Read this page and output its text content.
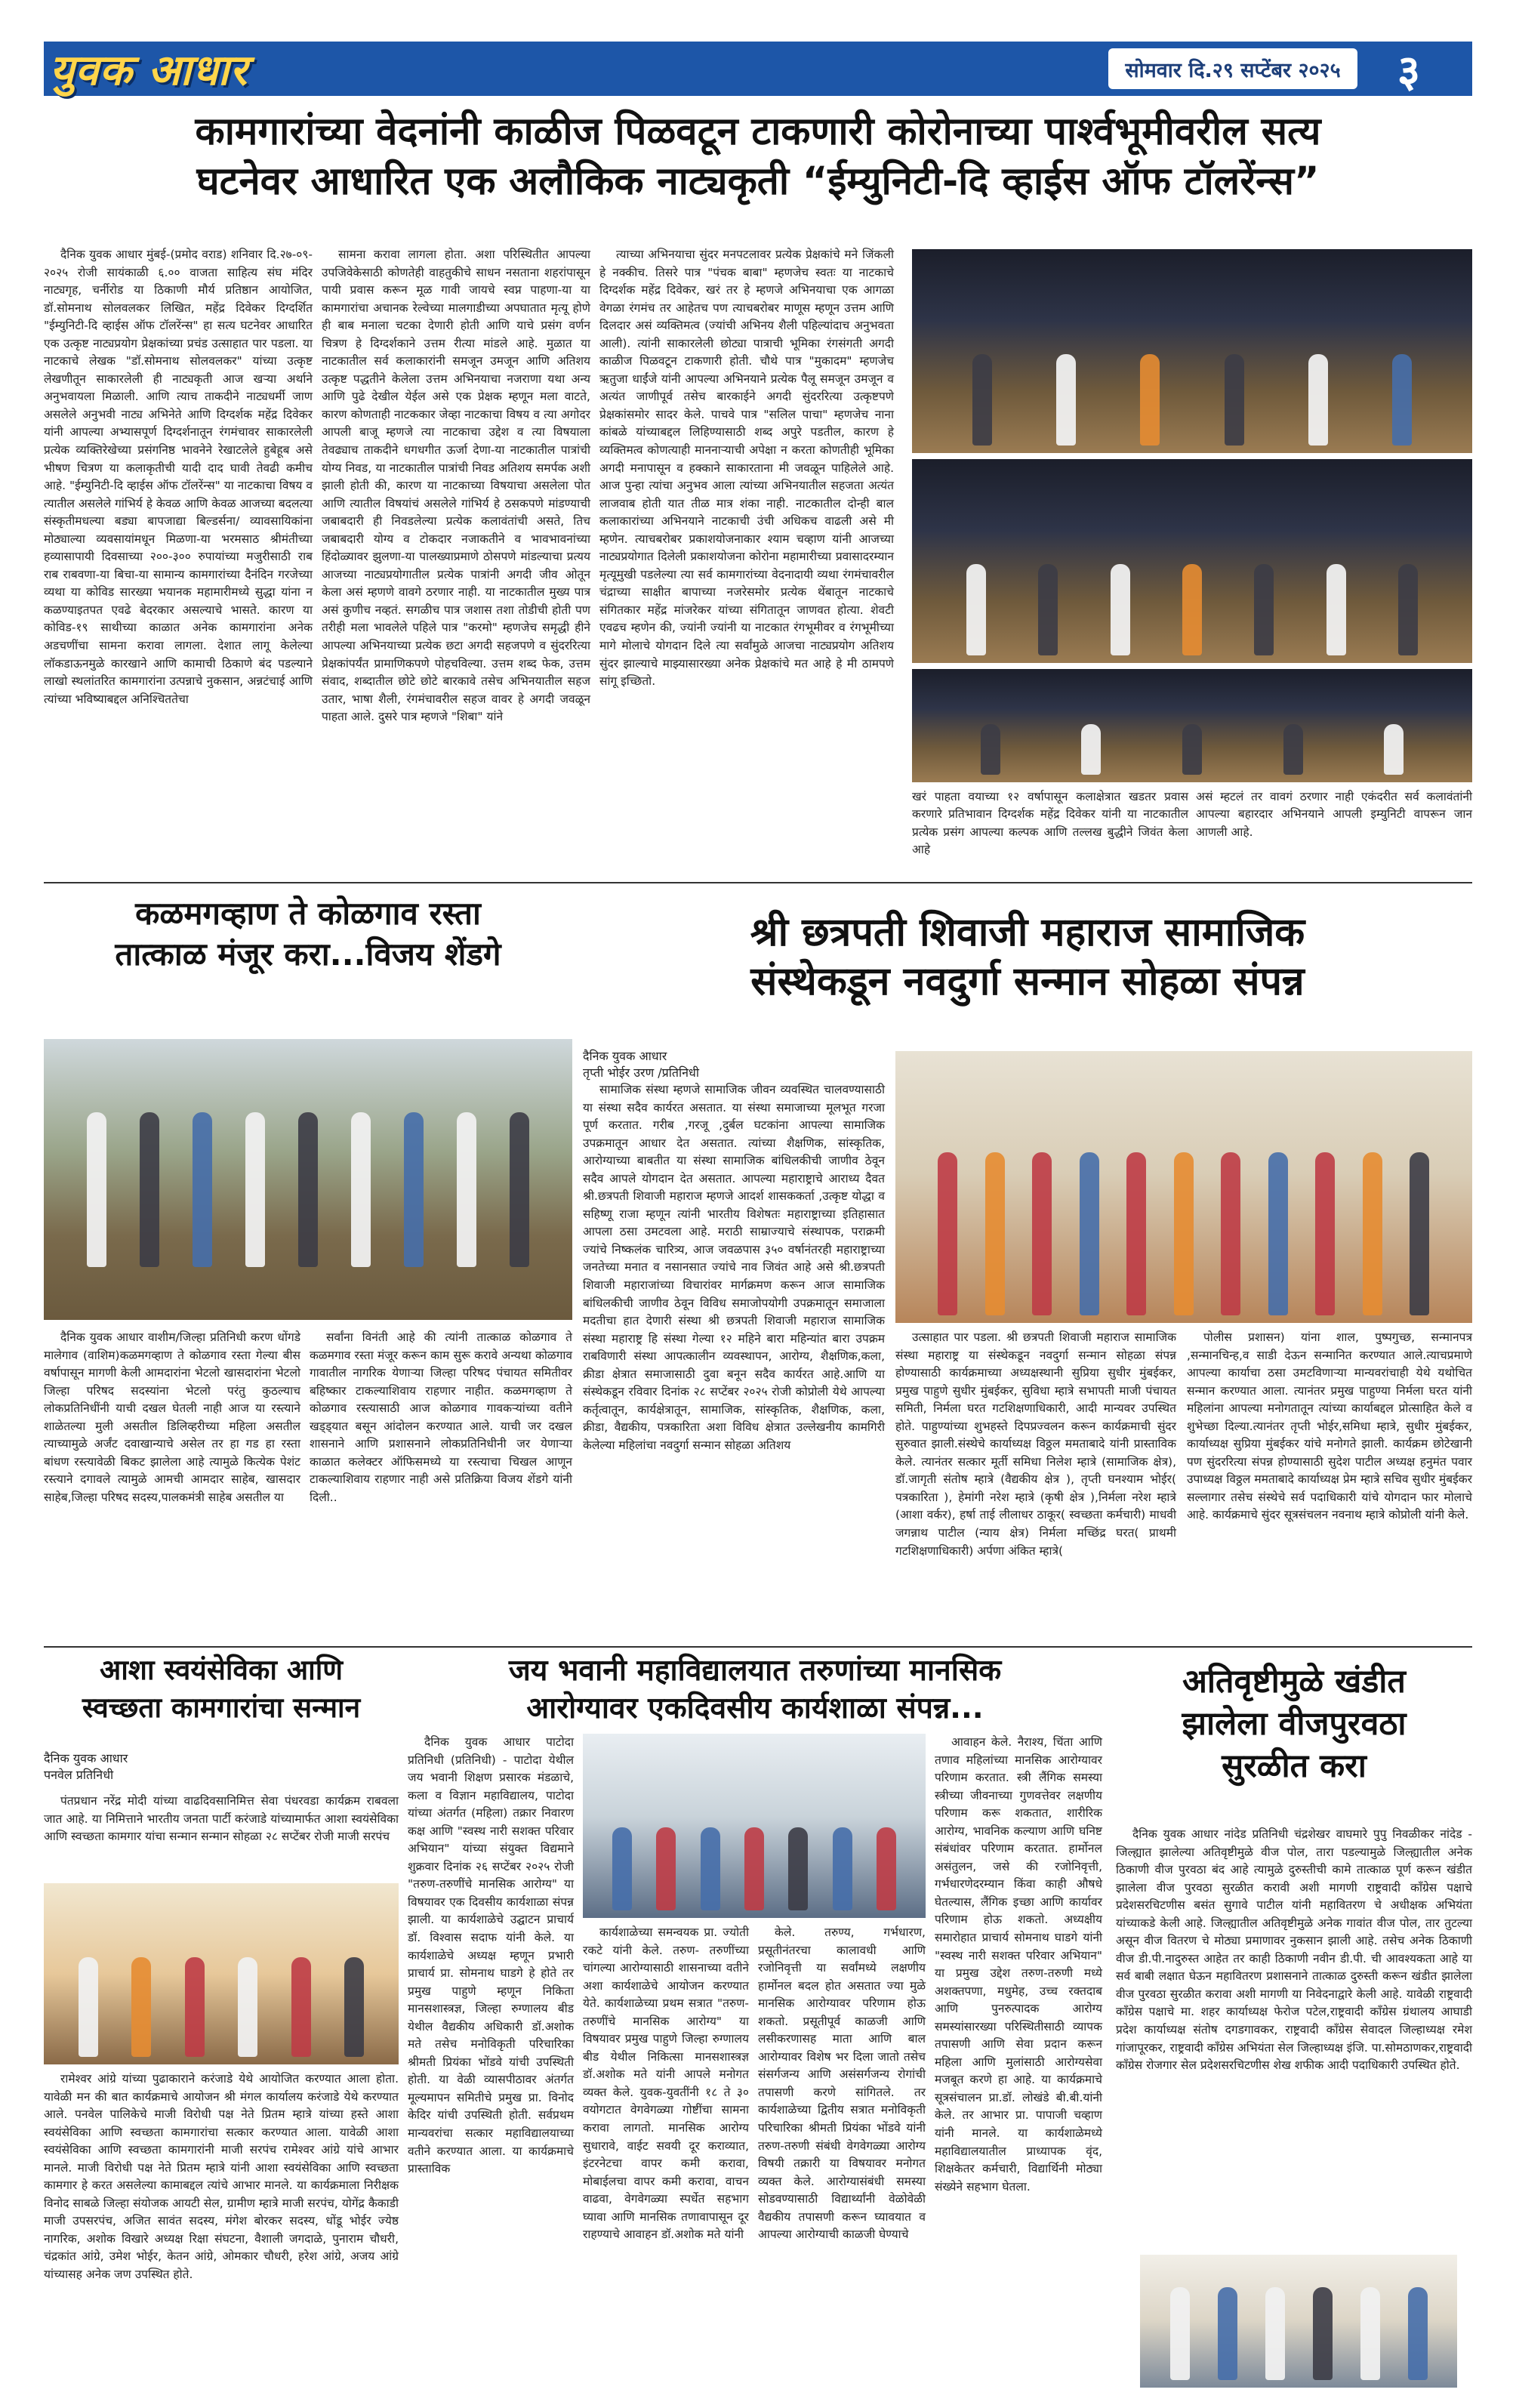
युवक आधार	सोमवार दि.२९ सप्टेंबर २०२५	३
कामगारांच्या वेदनांनी काळीज पिळवटून टाकणारी कोरोनाच्या पार्श्वभूमीवरील सत्य
घटनेवर आधारित एक अलौकिक नाट्यकृती “ईम्युनिटी-दि व्हाईस ऑफ टॉलरेंन्स”

दैनिक युवक आधार मुंबई-(प्रमोद वराड) शनिवार दि.२७-०९- २०२५ रोजी सायंकाळी ६.०० वाजता साहित्य संघ मंदिर नाट्यगृह, चर्नीरोड या ठिकाणी मौर्य प्रतिष्ठान आयोजित, डॉ.सोमनाथ सोलवलकर लिखित, महेंद्र दिवेकर दिग्दर्शित "ईम्युनिटी-दि व्हाईस ऑफ टॉलरेंन्स" हा सत्य घटनेवर आधारित एक उत्कृष्ट नाट्यप्रयोग प्रेक्षकांच्या प्रचंड उत्साहात पार पडला. या नाटकाचे लेखक "डॉ.सोमनाथ सोलवलकर" यांच्या उत्कृष्ट लेखणीतून साकारलेली ही नाट्यकृती आज खऱ्या अर्थाने अनुभवायला मिळाली. आणि त्याच ताकदीने नाट्यधर्मी जाण असलेले अनुभवी नाट्य अभिनेते आणि दिग्दर्शक महेंद्र दिवेकर यांनी आपल्या अभ्यासपूर्ण दिग्दर्शनातून रंगमंचावर साकारलेली प्रत्येक व्यक्तिरेखेच्या प्रसंगनिष्ठ भावनेने रेखाटलेले हुबेहूब असे भीषण चित्रण या कलाकृतीची यादी दाद घावी तेवढी कमीच आहे. "ईम्युनिटी-दि व्हाईस ऑफ टॉलरेंन्स" या नाटकाचा विषय व त्यातील असलेले गांभिर्य हे केवळ आणि केवळ आजच्या बदलत्या संस्कृतीमधल्या बड्या बापजाद्या बिल्डर्सना/ व्यावसायिकांना मोठ्याल्या व्यवसायांमधून मिळणा-या भरमसाठ श्रीमंतीच्या हव्यासापायी दिवसाच्या २००-३०० रुपायांच्या मजुरीसाठी राब राब राबवणा-या बिचा-या सामान्य कामगारांच्या दैनंदिन गरजेच्या व्यथा या कोविड सारख्या भयानक महामारीमध्ये सुद्धा यांना न कळण्याइतपत एवढे बेदरकार असल्याचे भासते. कारण या कोविड-१९ साथीच्या काळात अनेक कामगारांना अनेक अडचणींचा सामना करावा लागला. देशात लागू केलेल्या लॉकडाऊनमुळे कारखाने आणि कामाची ठिकाणे बंद पडल्याने लाखो स्थलांतरित कामगारांना उत्पन्नाचे नुकसान, अन्नटंचाई आणि त्यांच्या भविष्याबद्दल अनिश्चिततेचा

सामना करावा लागला होता. अशा परिस्थितीत आपल्या उपजिवेकेसाठी कोणतेही वाहतुकीचे साधन नसताना शहरांपासून पायी प्रवास करून मूळ गावी जायचे स्वप्न पाहणा-या या कामगारांचा अचानक रेल्वेच्या मालगाडीच्या अपघातात मृत्यू होणे ही बाब मनाला चटका देणारी होती आणि याचे प्रसंग वर्णन चित्रण हे दिग्दर्शकाने उत्तम रीत्या मांडले आहे. मुळात या नाटकातील सर्व कलाकारांनी समजून उमजून आणि अतिशय उत्कृष्ट पद्धतीने केलेला उत्तम अभिनयाचा नजराणा यथा अन्य आणि पुढे देखील येईल असे एक प्रेक्षक म्हणून मला वाटते, कारण कोणताही नाटककार जेव्हा नाटकाचा विषय व त्या अगोदर आपली बाजू म्हणजे त्या नाटकाचा उद्देश व त्या विषयाला तेवढ्याच ताकदीने धगधगीत ऊर्जा देणा-या नाटकातील पात्रांची योग्य निवड, या नाटकातील पात्रांची निवड अतिशय समर्पक अशी झाली होती की, कारण या नाटकाच्या विषयाचा असलेला पोत आणि त्यातील विषयांचं असलेले गांभिर्य हे ठसकपणे मांडण्याची जबाबदारी ही निवडलेल्या प्रत्येक कलावंतांची असते, तिच जबाबदारी योग्य व टोकदार नजाकतीने व भावभावनांच्या हिंदोळ्यावर झुलणा-या पालख्याप्रमाणे ठोसपणे मांडल्याचा प्रत्यय आजच्या नाट्यप्रयोगातील प्रत्येक पात्रांनी अगदी जीव ओतून केला असं म्हणणे वावगे ठरणार नाही. या नाटकातील मुख्य पात्र असं कुणीच नव्हतं. सगळीच पात्र जशास तशा तोडीची होती पण तरीही मला भावलेले पहिले पात्र "करमो" म्हणजेच समृद्धी हीने आपल्या अभिनयाच्या प्रत्येक छटा अगदी सहजपणे व सुंदररित्या प्रेक्षकांपर्यंत प्रामाणिकपणे पोहचविल्या. उत्तम शब्द फेक, उत्तम संवाद, शब्दातील छोटे छोटे बारकावे तसेच अभिनयातील सहज उतार, भाषा शैली, रंगमंचावरील सहज वावर हे अगदी जवळून पाहता आले. दुसरे पात्र म्हणजे "शिबा" यांने

त्याच्या अभिनयाचा सुंदर मनपटलावर प्रत्येक प्रेक्षकांचे मने जिंकली हे नक्कीच. तिसरे पात्र "पंचक बाबा" म्हणजेच स्वतः या नाटकाचे दिग्दर्शक महेंद्र दिवेकर, खरं तर हे म्हणजे अभिनयाचा एक आगळा वेगळा रंगमंच तर आहेतच पण त्याचबरोबर माणूस म्हणून उत्तम आणि दिलदार असं व्यक्तिमत्व (ज्यांची अभिनय शैली पहिल्यांदाच अनुभवता आली). त्यांनी साकारलेली छोट्या पात्राची भूमिका रंगसंगती अगदी काळीज पिळवटून टाकणारी होती. चौथे पात्र "मुकादम" म्हणजेच ऋतुजा धाईंजे यांनी आपल्या अभिनयाने प्रत्येक पैलू समजून उमजून व अत्यंत जाणीपूर्व तसेच बारकाईने अगदी सुंदररित्या उत्कृष्टपणे प्रेक्षकांसमोर सादर केले. पाचवे पात्र "सलिल पाचा" म्हणजेच नाना कांबळे यांच्याबद्दल लिहिण्यासाठी शब्द अपुरे पडतील, कारण हे व्यक्तिमत्व कोणत्याही माननाऱ्याची अपेक्षा न करता कोणतीही भूमिका अगदी मनापासून व हक्काने साकारताना मी जवळून पाहिलेले आहे. आज पुन्हा त्यांचा अनुभव आला त्यांच्या अभिनयातील सहजता अत्यंत लाजवाब होती यात तीळ मात्र शंका नाही. नाटकातील दोन्ही बाल कलाकारांच्या अभिनयाने नाटकाची उंची अधिकच वाढली असे मी म्हणेन. त्याचबरोबर प्रकाशयोजनाकार श्याम चव्हाण यांनी आजच्या नाट्यप्रयोगात दिलेली प्रकाशयोजना कोरोना महामारीच्या प्रवासादरम्यान मृत्यूमुखी पडलेल्या त्या सर्व कामगारांच्या वेदनादायी व्यथा रंगमंचावरील चंद्राच्या साक्षीत बापाच्या नजरेसमोर प्रत्येक थेंबातून नाटकाचे संगितकार महेंद्र मांजरेकर यांच्या संगितातून जाणवत होत्या. शेवटी एवढच म्हणेन की, ज्यांनी ज्यांनी या नाटकात रंगभूमीवर व रंगभूमीच्या मागे मोलाचे योगदान दिले त्या सर्वांमुळे आजचा नाट्यप्रयोग अतिशय सुंदर झाल्याचे माझ्यासारख्या अनेक प्रेक्षकांचे मत आहे हे मी ठामपणे सांगू इच्छितो.

खरं पाहता वयाच्या १२ वर्षापासून कलाक्षेत्रात खडतर प्रवास करणारे प्रतिभावान दिग्दर्शक महेंद्र दिवेकर यांनी या नाटकातील प्रत्येक प्रसंग आपल्या कल्पक आणि तल्लख बुद्धीने जिवंत केला आहे
असं म्हटलं तर वावगं ठरणार नाही एकंदरीत सर्व कलावंतांनी आपल्या बहारदार अभिनयाने आपली इम्युनिटी वापरून जान आणली आहे.
कळमगव्हाण ते कोळगाव रस्ता
तात्काळ मंजूर करा...विजय शेंडगे

दैनिक युवक आधार वाशीम/जिल्हा प्रतिनिधी करण धोंगडे मालेगाव (वाशिम)कळमगव्हाण ते कोळगाव रस्ता गेल्या बीस वर्षापासून मागणी केली आमदारांना भेटलो खासदारांना भेटलो जिल्हा परिषद सदस्यांना भेटलो परंतु कुठल्याच लोकप्रतिनिधींनी याची दखल घेतली नाही आज या रस्त्याने शाळेतल्या मुली असतील डिलिव्हरीच्या महिला असतील त्याच्यामुळे अर्जंट दवाखान्याचे असेल तर हा गड हा रस्ता बांधण रस्त्यावेळी बिकट झालेला आहे त्यामुळे कित्येक पेशंट रस्त्याने दगावले त्यामुळे आमची आमदार साहेब, खासदार साहेब,जिल्हा परिषद सदस्य,पालकमंत्री साहेब असतील या

सर्वांना विनंती आहे की त्यांनी तात्काळ कोळगाव ते कळमगाव रस्ता मंजूर करून काम सुरू करावे अन्यथा कोळगाव गावातील नागरिक येणाऱ्या जिल्हा परिषद पंचायत समितीवर बहिष्कार टाकल्याशिवाय राहणार नाहीत. कळमगव्हाण ते कोळगाव रस्त्यासाठी आज कोळगाव गावकऱ्यांच्या वतीने खड्ड्यात बसून आंदोलन करण्यात आले. याची जर दखल शासनाने आणि प्रशासनाने लोकप्रतिनिधीनी जर येणाऱ्या काळात कलेक्टर ऑफिसमध्ये या रस्त्याचा चिखल आणून टाकल्याशिवाय राहणार नाही असे प्रतिक्रिया विजय शेंडगे यांनी दिली..

श्री छत्रपती शिवाजी महाराज सामाजिक
संस्थेकडून नवदुर्गा सन्मान सोहळा संपन्न
दैनिक युवक आधार
तृप्ती भोईर उरण /प्रतिनिधी

सामाजिक संस्था म्हणजे सामाजिक जीवन व्यवस्थित चालवण्यासाठी या संस्था सदैव कार्यरत असतात. या संस्था समाजाच्या मूलभूत गरजा पूर्ण करतात. गरीब ,गरजू ,दुर्बल घटकांना आपल्या सामाजिक उपक्रमातून आधार देत असतात. त्यांच्या शैक्षणिक, सांस्कृतिक, आरोग्याच्या बाबतीत या संस्था सामाजिक बांधिलकीची जाणीव ठेवून सदैव आपले योगदान देत असतात. आपल्या महाराष्ट्राचे आराध्य दैवत श्री.छत्रपती शिवाजी महाराज म्हणजे आदर्श शासककर्ता ,उत्कृष्ट योद्धा व सहिष्णू राजा म्हणून त्यांनी भारतीय विशेषतः महाराष्ट्राच्या इतिहासात आपला ठसा उमटवला आहे. मराठी साम्राज्याचे संस्थापक, पराक्रमी ज्यांचे निष्कलंक चारित्र्य, आज जवळपास ३५० वर्षानंतरही महाराष्ट्राच्या जनतेच्या मनात व नसानसात ज्यांचे नाव जिवंत आहे असे श्री.छत्रपती शिवाजी महाराजांच्या विचारांवर मार्गक्रमण करून आज सामाजिक बांधिलकीची जाणीव ठेवून विविध समाजोपयोगी उपक्रमातून समाजाला मदतीचा हात देणारी संस्था श्री छत्रपती शिवाजी महाराज सामाजिक संस्था महाराष्ट्र हि संस्था गेल्या १२ महिने बारा महिन्यांत बारा उपक्रम राबविणारी संस्था आपत्कालीन व्यवस्थापन, आरोग्य, शैक्षणिक,कला, क्रीडा क्षेत्रात समाजासाठी दुवा बनून सदैव कार्यरत आहे.आणि या संस्थेकडून रविवार दिनांक २८ सप्टेंबर २०२५ रोजी कोप्रोली येथे आपल्या कर्तृत्वातून, कार्यक्षेत्रातून, सामाजिक, सांस्कृतिक, शैक्षणिक, कला, क्रीडा, वैद्यकीय, पत्रकारिता अशा विविध क्षेत्रात उल्लेखनीय कामगिरी केलेल्या महिलांचा नवदुर्गा सन्मान सोहळा अतिशय

उत्साहात पार पडला. श्री छत्रपती शिवाजी महाराज सामाजिक संस्था महाराष्ट्र या संस्थेकडून नवदुर्गा सन्मान सोहळा संपन्न होण्यासाठी कार्यक्रमाच्या अध्यक्षस्थानी सुप्रिया सुधीर मुंबईकर, प्रमुख पाहुणे सुधीर मुंबईकर, सुविधा म्हात्रे सभापती माजी पंचायत समिती, निर्मला घरत गटशिक्षणाधिकारी, आदी मान्यवर उपस्थित होते. पाहुण्यांच्या शुभहस्ते दिपप्रज्वलन करून कार्यक्रमाची सुंदर सुरुवात झाली.संस्थेचे कार्याध्यक्ष विठ्ठल ममताबादे यांनी प्रास्ताविक केले. त्यानंतर सत्कार मूर्ती समिधा निलेश म्हात्रे (सामाजिक क्षेत्र), डॉ.जागृती संतोष म्हात्रे (वैद्यकीय क्षेत्र ), तृप्ती घनश्याम भोईर( पत्रकारिता ), हेमांगी नरेश म्हात्रे (कृषी क्षेत्र ),निर्मला नरेश म्हात्रे (आशा वर्कर), हर्षा ताई लीलाधर ठाकूर( स्वच्छता कर्मचारी) माधवी जगन्नाथ पाटील (न्याय क्षेत्र) निर्मला मच्छिंद्र घरत( प्राथमी गटशिक्षणाधिकारी) अर्पणा अंकित म्हात्रे(

पोलीस प्रशासन) यांना शाल, पुष्पगुच्छ, सन्मानपत्र ,सन्मानचिन्ह,व साडी देऊन सन्मानित करण्यात आले.त्याचप्रमाणे आपल्या कार्याचा ठसा उमटविणाऱ्या मान्यवरांचाही येथे यथोचित सन्मान करण्यात आला. त्यानंतर प्रमुख पाहुण्या निर्मला घरत यांनी महिलांना आपल्या मनोगतातून त्यांच्या कार्याबद्दल प्रोत्साहित केले व शुभेच्छा दिल्या.त्यानंतर तृप्ती भोईर,समिधा म्हात्रे, सुधीर मुंबईकर, कार्याध्यक्ष सुप्रिया मुंबईकर यांचे मनोगते झाली. कार्यक्रम छोटेखानी पण सुंदररित्या संपन्न होण्यासाठी सुदेश पाटील अध्यक्ष हनुमंत पवार उपाध्यक्ष विठ्ठल ममताबादे कार्याध्यक्ष प्रेम म्हात्रे सचिव सुधीर मुंबईकर सल्लागार तसेच संस्थेचे सर्व पदाधिकारी यांचे योगदान फार मोलाचे आहे. कार्यक्रमाचे सुंदर सूत्रसंचलन नवनाथ म्हात्रे कोप्रोली यांनी केले.

आशा स्वयंसेविका आणि
स्वच्छता कामगारांचा सन्मान
दैनिक युवक आधार
पनवेल प्रतिनिधी

पंतप्रधान नरेंद्र मोदी यांच्या वाढदिवसानिमित्त सेवा पंधरवडा कार्यक्रम राबवला जात आहे. या निमित्ताने भारतीय जनता पार्टी करंजाडे यांच्यामार्फत आशा स्वयंसेविका आणि स्वच्छता कामगार यांचा सन्मान सन्मान सोहळा २८ सप्टेंबर रोजी माजी सरपंच

रामेश्वर आंग्रे यांच्या पुढाकाराने करंजाडे येथे आयोजित करण्यात आला होता. यावेळी मन की बात कार्यक्रमाचे आयोजन श्री मंगल कार्यालय करंजाडे येथे करण्यात आले. पनवेल पालिकेचे माजी विरोधी पक्ष नेते प्रितम म्हात्रे यांच्या हस्ते आशा स्वयंसेविका आणि स्वच्छता कामगारांचा सत्कार करण्यात आला. यावेळी आशा स्वयंसेविका आणि स्वच्छता कामगारांनी माजी सरपंच रामेश्वर आंग्रे यांचे आभार मानले. माजी विरोधी पक्ष नेते प्रितम म्हात्रे यांनी आशा स्वयंसेविका आणि स्वच्छता कामगार हे करत असलेल्या कामाबद्दल त्यांचे आभार मानले. या कार्यक्रमाला निरीक्षक विनोद साबळे जिल्हा संयोजक आयटी सेल, ग्रामीण म्हात्रे माजी सरपंच, योगेंद्र कैकाडी माजी उपसरपंच, अजित सावंत सदस्य, मंगेश बोरकर सदस्य, धोंडू भोईर ज्येष्ठ नागरिक, अशोक विखारे अध्यक्ष रिक्षा संघटना, वैशाली जगदाळे, पुनाराम चौधरी, चंद्रकांत आंग्रे, उमेश भोईर, केतन आंग्रे, ओमकार चौधरी, हरेश आंग्रे, अजय आंग्रे यांच्यासह अनेक जण उपस्थित होते.

जय भवानी महाविद्यालयात तरुणांच्या मानसिक
आरोग्यावर एकदिवसीय कार्यशाळा संपन्न...

दैनिक युवक आधार पाटोदा प्रतिनिधी (प्रतिनिधी) - पाटोदा येथील जय भवानी शिक्षण प्रसारक मंडळाचे, कला व विज्ञान महाविद्यालय, पाटोदा यांच्या अंतर्गत (महिला) तक्रार निवारण कक्ष आणि "स्वस्थ नारी सशक्त परिवार अभियान" यांच्या संयुक्त विद्यमाने शुक्रवार दिनांक २६ सप्टेंबर २०२५ रोजी "तरुण-तरुणींचे मानसिक आरोग्य" या विषयावर एक दिवसीय कार्यशाळा संपन्न झाली. या कार्यशाळेचे उद्घाटन प्राचार्य डॉ. विश्वास सदाफ यांनी केले. या कार्यशाळेचे अध्यक्ष म्हणून प्रभारी प्राचार्य प्रा. सोमनाथ घाडगे हे होते तर प्रमुख पाहुणे म्हणून निकिता मानसशास्त्रज्ञ, जिल्हा रुग्णालय बीड येथील वैद्यकीय अधिकारी डॉ.अशोक मते तसेच मनोविकृती परिचारिका श्रीमती प्रियंका भोंडवे यांची उपस्थिती होती. या वेळी व्यासपीठावर अंतर्गत मूल्यमापन समितीचे प्रमुख प्रा. विनोद केदिर यांची उपस्थिती होती. सर्वप्रथम मान्यवरांचा सत्कार महाविद्यालयाच्या वतीने करण्यात आला. या कार्यक्रमाचे प्रास्ताविक

कार्यशाळेच्या समन्वयक प्रा. ज्योती रकटे यांनी केले. तरुण- तरुणींच्या चांगल्या आरोग्यासाठी शासनाच्या वतीने अशा कार्यशाळेचे आयोजन करण्यात येते. कार्यशाळेच्या प्रथम सत्रात "तरुण-तरुणींचे मानसिक आरोग्य" या विषयावर प्रमुख पाहुणे जिल्हा रुग्णालय बीड येथील निकित्सा मानसशास्त्रज्ञ डॉ.अशोक मते यांनी आपले मनोगत व्यक्त केले. युवक-युवतींनी १८ ते ३० वयोगटात वेगवेगळ्या गोष्टींचा सामना करावा लागतो. मानसिक आरोग्य सुधारावे, वाईट सवयी दूर कराव्यात, इंटरनेटचा वापर कमी करावा, मोबाईलचा वापर कमी करावा, वाचन वाढवा, वेगवेगळ्या स्पर्धेत सहभाग घ्यावा आणि मानसिक तणावापासून दूर राहण्याचे आवाहन डॉ.अशोक मते यांनी

केले. तरुण्य, गर्भधारण, प्रसूतीनंतरचा कालावधी आणि रजोनिवृत्ती या सर्वांमध्ये लक्षणीय हार्मोनल बदल होत असतात ज्या मुळे मानसिक आरोग्यावर परिणाम होऊ शकतो. प्रसूतीपूर्व काळजी आणि लसीकरणासह माता आणि बाल आरोग्यावर विशेष भर दिला जातो तसेच संसर्गजन्य आणि असंसर्गजन्य रोगांची तपासणी करणे सांगितले. तर कार्यशाळेच्या द्वितीय सत्रात मनोविकृती परिचारिका श्रीमती प्रियंका भोंडवे यांनी तरुण-तरुणी संबंधी वेगवेगळ्या आरोग्य विषयी तक्रारी या विषयावर मनोगत व्यक्त केले. आरोग्यासंबंधी समस्या सोडवण्यासाठी विद्यार्थ्यांनी वेळोवेळी वैद्यकीय तपासणी करून घ्यावयात व आपल्या आरोग्याची काळजी घेण्याचे

आवाहन केले. नैराश्य, चिंता आणि तणाव महिलांच्या मानसिक आरोग्यावर परिणाम करतात. स्त्री लैंगिक समस्या स्त्रीच्या जीवनाच्या गुणवत्तेवर लक्षणीय परिणाम करू शकतात, शारीरिक आरोग्य, भावनिक कल्याण आणि घनिष्ट संबंधांवर परिणाम करतात. हार्मोनल असंतुलन, जसे की रजोनिवृत्ती, गर्भधारणेदरम्यान किंवा काही औषधे घेतल्यास, लैंगिक इच्छा आणि कार्यावर परिणाम होऊ शकतो. अध्यक्षीय समारोहात प्राचार्य सोमनाथ घाडगे यांनी "स्वस्थ नारी सशक्त परिवार अभियान" या प्रमुख उद्देश तरुण-तरुणी मध्ये अशक्तपणा, मधुमेह, उच्च रक्तदाब आणि पुनरुत्पादक आरोग्य समस्यांसारख्या परिस्थितीसाठी व्यापक तपासणी आणि सेवा प्रदान करून महिला आणि मुलांसाठी आरोग्यसेवा मजबूत करणे हा आहे. या कार्यक्रमाचे सूत्रसंचालन प्रा.डॉ. लोखंडे बी.बी.यांनी केले. तर आभार प्रा. पापाजी चव्हाण यांनी मानले. या कार्यशाळेमध्ये महाविद्यालयातील प्राध्यापक वृंद, शिक्षकेतर कर्मचारी, विद्यार्थिनी मोठ्या संख्येने सहभाग घेतला.

अतिवृष्टीमुळे खंडीत
झालेला वीजपुरवठा
सुरळीत करा

दैनिक युवक आधार नांदेड प्रतिनिधी चंद्रशेखर वाघमारे पुपु निवळीकर नांदेड - जिल्ह्यात झालेल्या अतिवृष्टीमुळे वीज पोल, तारा पडल्यामुळे जिल्ह्यातील अनेक ठिकाणी वीज पुरवठा बंद आहे त्यामुळे दुरुस्तीची कामे तात्काळ पूर्ण करून खंडीत झालेला वीज पुरवठा सुरळीत करावी अशी मागणी राष्ट्रवादी कॉंग्रेस पक्षाचे प्रदेशसरचिटणीस बसंत सुगावे पाटील यांनी महावितरण चे अधीक्षक अभियंता यांच्याकडे केली आहे. जिल्ह्यातील अतिवृष्टीमुळे अनेक गावांत वीज पोल, तार तुटल्या असून वीज वितरण चे मोठ्या प्रमाणावर नुकसान झाली आहे. तसेच अनेक ठिकाणी वीज डी.पी.नादुरुस्त आहेत तर काही ठिकाणी नवीन डी.पी. ची आवश्यकता आहे या सर्व बाबी लक्षात घेऊन महावितरण प्रशासनाने तात्काळ दुरुस्ती करून खंडीत झालेला वीज पुरवठा सुरळीत करावा अशी मागणी या निवेदनाद्वारे केली आहे. यावेळी राष्ट्रवादी कॉंग्रेस पक्षाचे मा. शहर कार्याध्यक्ष फेरोज पटेल,राष्ट्रवादी कॉंग्रेस ग्रंथालय आघाडी प्रदेश कार्याध्यक्ष संतोष दगडगावकर, राष्ट्रवादी कॉंग्रेस सेवादल जिल्हाध्यक्ष रमेश गांजापूरकर, राष्ट्रवादी कॉंग्रेस अभियंता सेल जिल्हाध्यक्ष इंजि. पा.सोमठाणकर,राष्ट्रवादी कॉंग्रेस रोजगार सेल प्रदेशसरचिटणीस शेख शफीक आदी पदाधिकारी उपस्थित होते.
